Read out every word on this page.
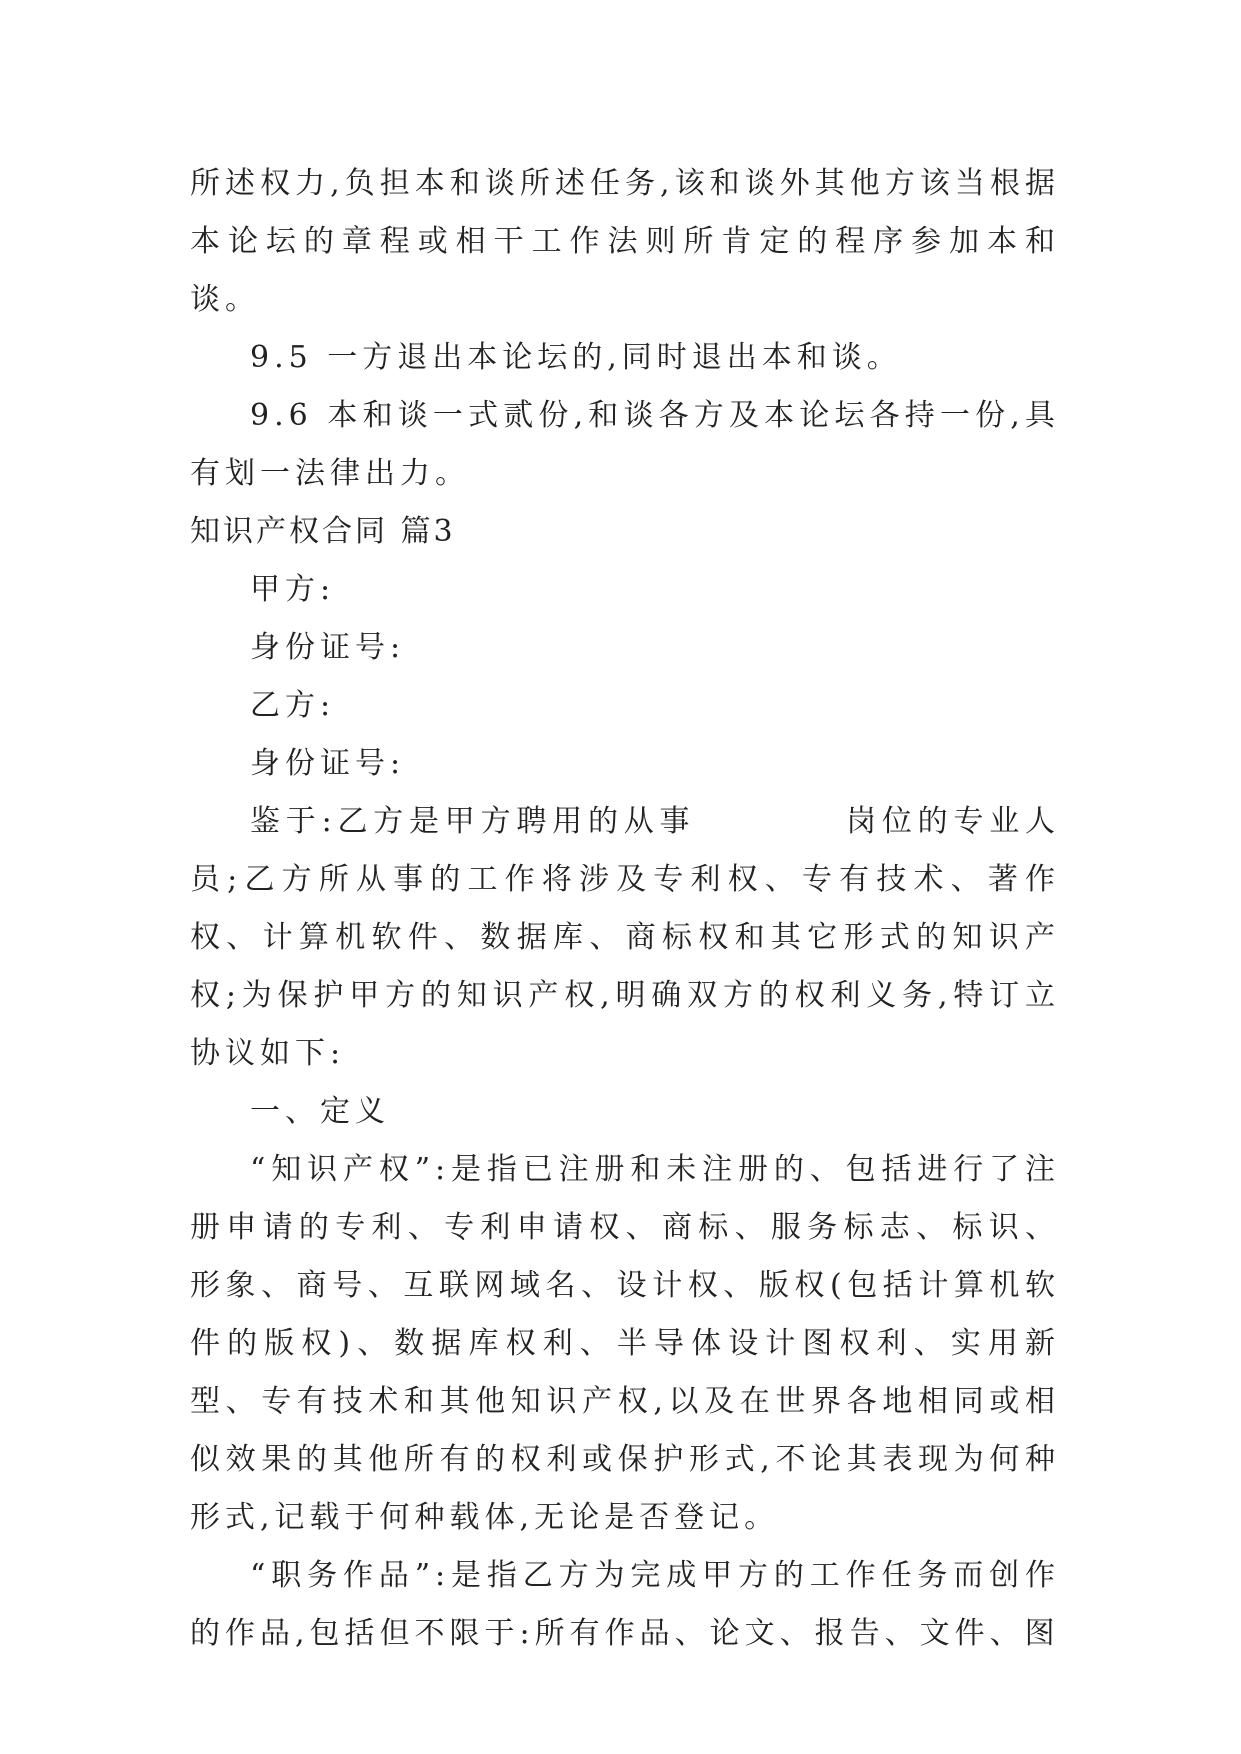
所述权力,负担本和谈所述任务,该和谈外其他方该当根据本论坛的章程或相干工作法则所肯定的程序参加本和谈。

9.5 一方退出本论坛的,同时退出本和谈。

9.6 本和谈一式贰份,和谈各方及本论坛各持一份,具有划一法律出力。

知识产权合同 篇3

甲方:

身份证号:

乙方:

身份证号:

鉴于:乙方是甲方聘用的从事	岗位的专业人员;乙方所从事的工作将涉及专利权、专有技术、著作权、计算机软件、数据库、商标权和其它形式的知识产权;为保护甲方的知识产权,明确双方的权利义务,特订立协议如下:

一、定义

“知识产权”:是指已注册和未注册的、包括进行了注册申请的专利、专利申请权、商标、服务标志、标识、形象、商号、互联网域名、设计权、版权(包括计算机软件的版权)、数据库权利、半导体设计图权利、实用新型、专有技术和其他知识产权,以及在世界各地相同或相似效果的其他所有的权利或保护形式,不论其表现为何种形式,记载于何种载体,无论是否登记。

“职务作品”:是指乙方为完成甲方的工作任务而创作的作品,包括但不限于:所有作品、论文、报告、文件、图
